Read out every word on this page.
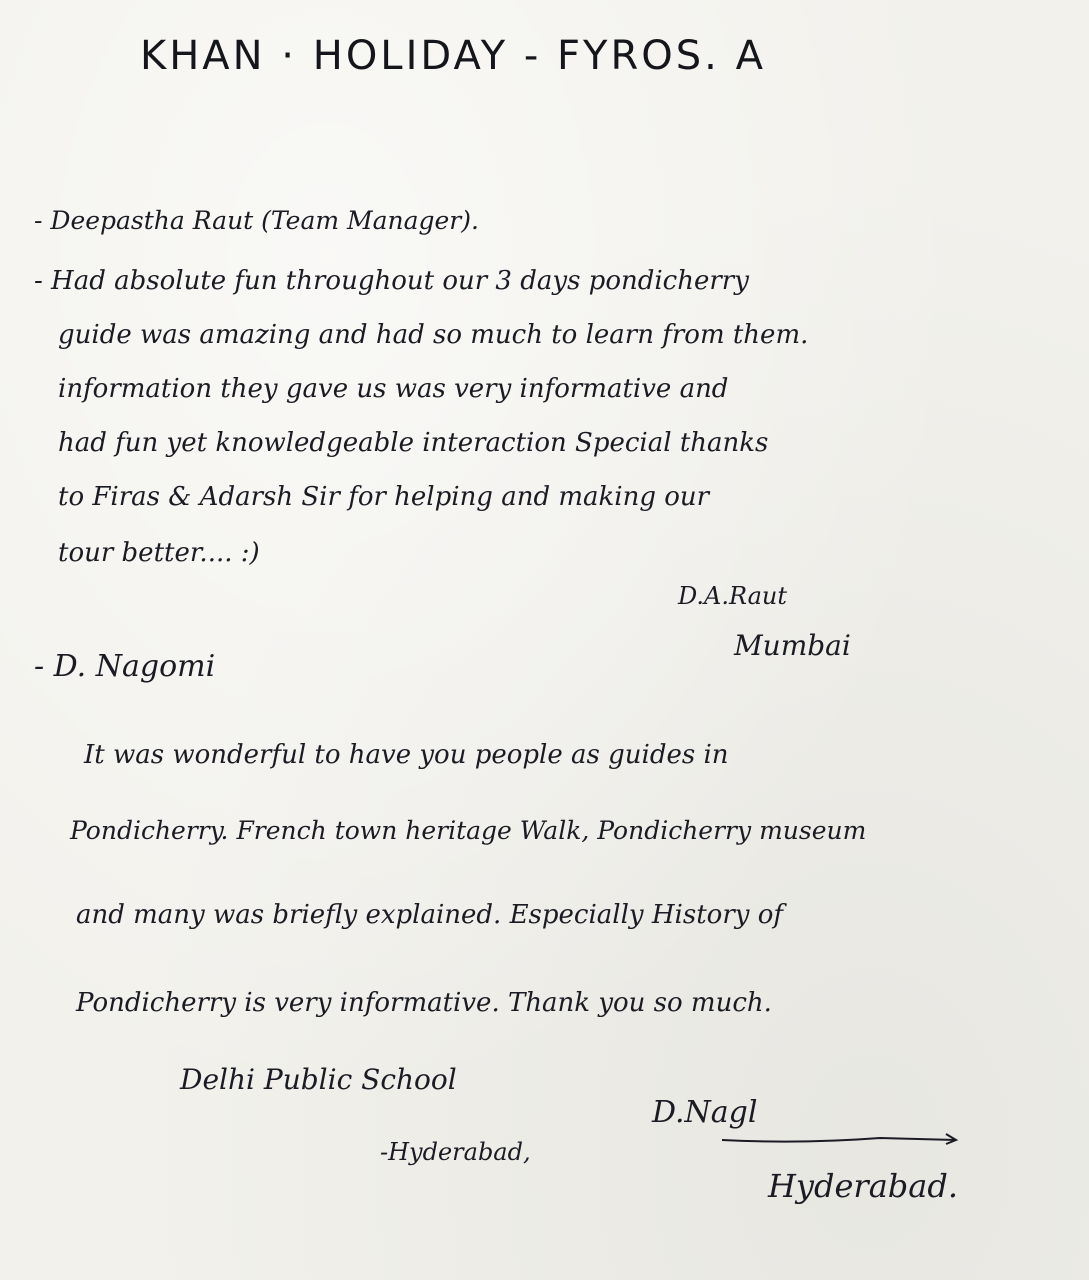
KHAN · HOLIDAY - FYROS. A
- Deepastha Raut (Team Manager).
- Had absolute fun throughout our 3 days pondicherry
guide was amazing and had so much to learn from them.
information they gave us was very informative and
had fun yet knowledgeable interaction Special thanks
to Firas & Adarsh Sir for helping and making our
tour better.... :)
D.A.Raut
Mumbai
- D. Nagomi
It was wonderful to have you people as guides in
Pondicherry. French town heritage Walk, Pondicherry museum
and many was briefly explained. Especially History of
Pondicherry is very informative. Thank you so much.
Delhi Public School
-Hyderabad,
D.Nagl
Hyderabad.
